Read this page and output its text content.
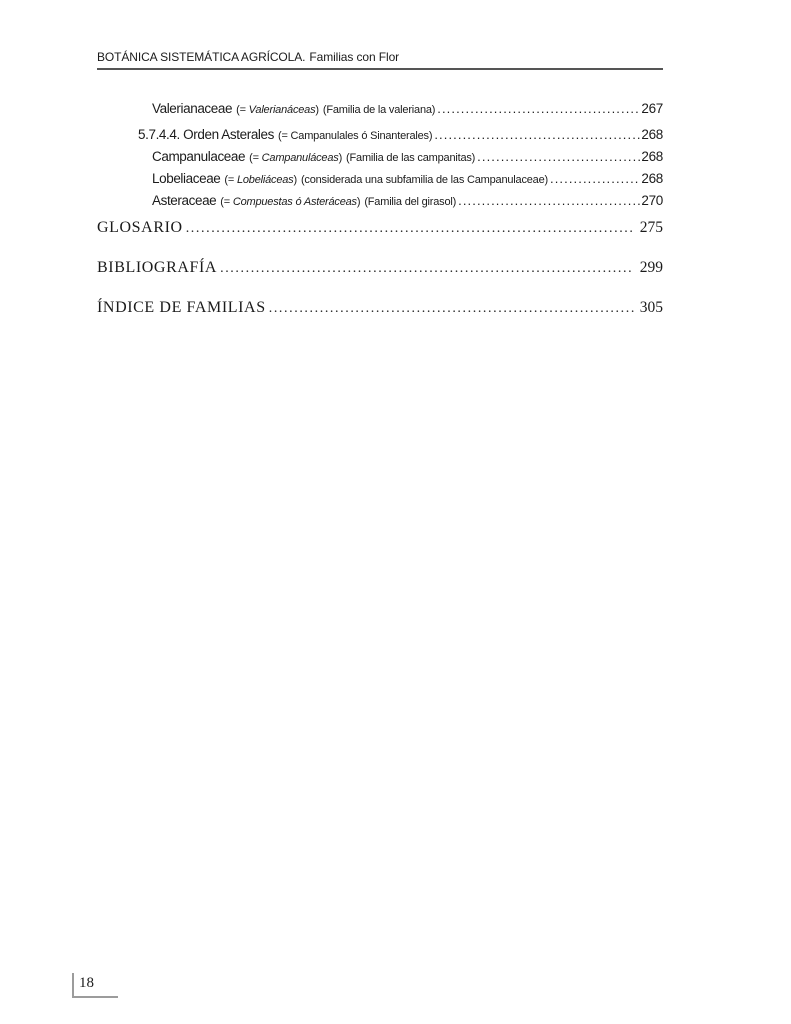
BOTÁNICA SISTEMÁTICA AGRÍCOLA. Familias con Flor
Valerianaceae (= Valerianáceas) (Familia de la valeriana) .....	267
5.7.4.4. Orden Asterales (= Campanulales ó Sinanterales) .....	268
Campanulaceae (= Campanuláceas) (Familia de las campanitas) .....	268
Lobeliaceae (= Lobeliáceas) (considerada una subfamilia de las Campanulaceae) .....	268
Asteraceae (= Compuestas ó Asteráceas) (Familia del girasol) .....	270
GLOSARIO .....	275
BIBLIOGRAFÍA .....	299
ÍNDICE DE FAMILIAS .....	305
18
